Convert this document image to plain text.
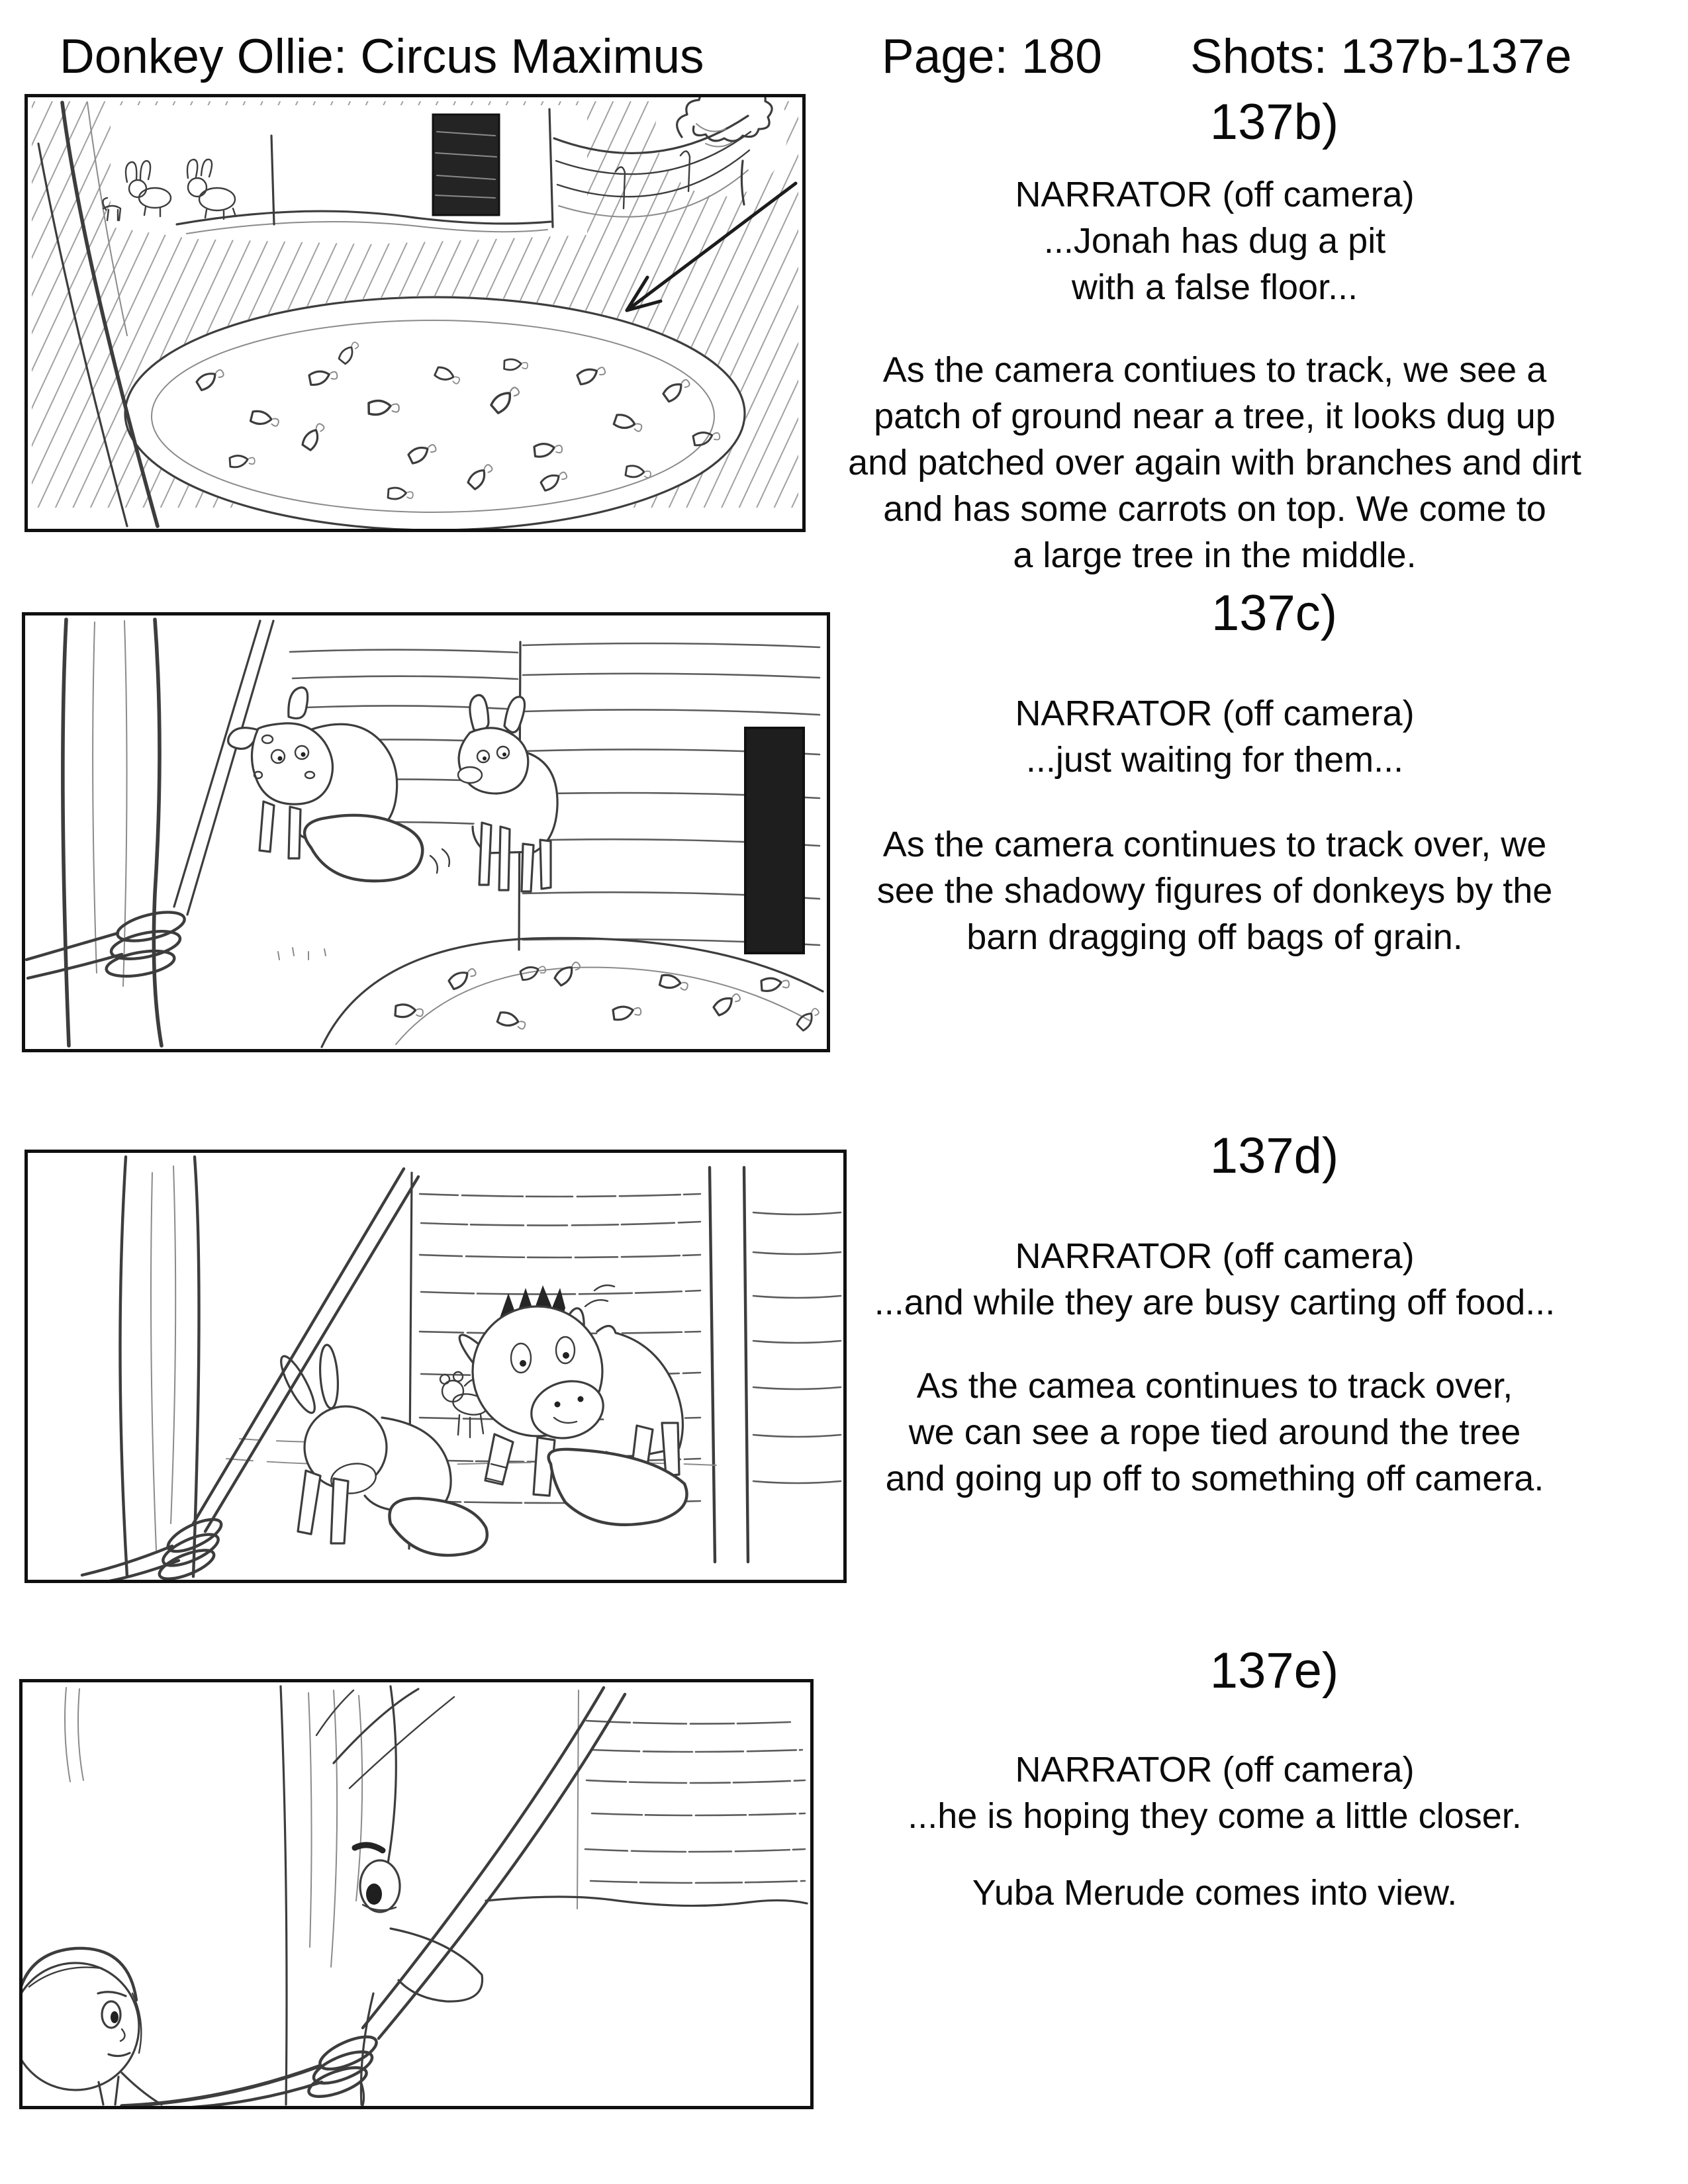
Donkey Ollie: Circus Maximus	Page: 180 Shots: 137b-137e
137b)
NARRATOR (off camera)
...Jonah has dug a pit
with a false floor...
As the camera contiues to track, we see a
patch of ground near a tree, it looks dug up
and patched over again with branches and dirt
and has some carrots on top. We come to
a large tree in the middle.
137c)
NARRATOR (off camera)
...just waiting for them...
As the camera continues to track over, we
see the shadowy figures of donkeys by the
barn dragging off bags of grain.
137d)
NARRATOR (off camera)
...and while they are busy carting off food...
As the camea continues to track over,
we can see a rope tied around the tree
and going up off to something off camera.
137e)
NARRATOR (off camera)
...he is hoping they come a little closer.
Yuba Merude comes into view.
